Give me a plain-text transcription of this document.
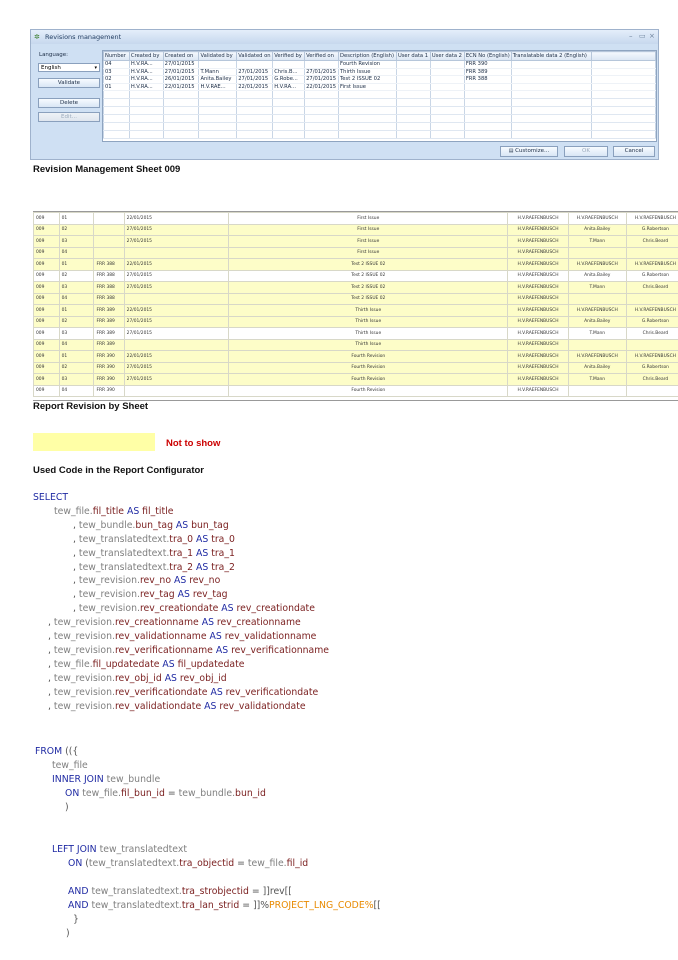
✲ Revisions management	– ▭ ×
Language:
English	▾
Validate
Delete
Edit...
Number	Created by	Created on	Validated by	Validated on	Verified by	Verified on	Description (English)	User data 1	User data 2	ECN No (English)	Translatable data 2 (English)	
04	H.V.RA...	27/01/2015					Fourth Revision			FRR 390		
03	H.V.RA...	27/01/2015	T.Mann	27/01/2015	Chris.B...	27/01/2015	Thirth Issue			FRR 389		
02	H.V.RA...	26/01/2015	Anita.Bailey	27/01/2015	G.Robe...	27/01/2015	Test 2 ISSUE 02			FRR 388		
01	H.V.RA...	22/01/2015	H.V.RAE...	22/01/2015	H.V.RA...	22/01/2015	First Issue					

▤ Customize...	OK	Cancel
Revision Management Sheet 009
009	01		22/01/2015	First Issue	H.V.RAEFENBUSCH	H.V.RAEFENBUSCH	H.V.RAEFENBUSCH
009	02		27/01/2015	First Issue	H.V.RAEFENBUSCH	Anita.Bailey	G.Robertson
009	03		27/01/2015	First Issue	H.V.RAEFENBUSCH	T.Mann	Chris.Beard
009	04			First Issue	H.V.RAEFENBUSCH		
009	01	FRR 388	22/01/2015	Test 2 ISSUE 02	H.V.RAEFENBUSCH	H.V.RAEFENBUSCH	H.V.RAEFENBUSCH
009	02	FRR 388	27/01/2015	Test 2 ISSUE 02	H.V.RAEFENBUSCH	Anita.Bailey	G.Robertson
009	03	FRR 388	27/01/2015	Test 2 ISSUE 02	H.V.RAEFENBUSCH	T.Mann	Chris.Beard
009	04	FRR 388		Test 2 ISSUE 02	H.V.RAEFENBUSCH		
009	01	FRR 389	22/01/2015	Thirth Issue	H.V.RAEFENBUSCH	H.V.RAEFENBUSCH	H.V.RAEFENBUSCH
009	02	FRR 389	27/01/2015	Thirth Issue	H.V.RAEFENBUSCH	Anita.Bailey	G.Robertson
009	03	FRR 389	27/01/2015	Thirth Issue	H.V.RAEFENBUSCH	T.Mann	Chris.Beard
009	04	FRR 389		Thirth Issue	H.V.RAEFENBUSCH		
009	01	FRR 390	22/01/2015	Fourth Revision	H.V.RAEFENBUSCH	H.V.RAEFENBUSCH	H.V.RAEFENBUSCH
009	02	FRR 390	27/01/2015	Fourth Revision	H.V.RAEFENBUSCH	Anita.Bailey	G.Robertson
009	03	FRR 390	27/01/2015	Fourth Revision	H.V.RAEFENBUSCH	T.Mann	Chris.Beard
009	04	FRR 390		Fourth Revision	H.V.RAEFENBUSCH		
Report Revision by Sheet
Not to show
Used Code in the Report Configurator
SELECT
tew_file.fil_title AS fil_title
, tew_bundle.bun_tag AS bun_tag
, tew_translatedtext.tra_0 AS tra_0
, tew_translatedtext.tra_1 AS tra_1
, tew_translatedtext.tra_2 AS tra_2
, tew_revision.rev_no AS rev_no
, tew_revision.rev_tag AS rev_tag
, tew_revision.rev_creationdate AS rev_creationdate
, tew_revision.rev_creationname AS rev_creationname
, tew_revision.rev_validationname AS rev_validationname
, tew_revision.rev_verificationname AS rev_verificationname
, tew_file.fil_updatedate AS fil_updatedate
, tew_revision.rev_obj_id AS rev_obj_id
, tew_revision.rev_verificationdate AS rev_verificationdate
, tew_revision.rev_validationdate AS rev_validationdate
FROM (({
tew_file
INNER JOIN tew_bundle
ON tew_file.fil_bun_id = tew_bundle.bun_id
)
LEFT JOIN tew_translatedtext
ON (tew_translatedtext.tra_objectid = tew_file.fil_id
AND tew_translatedtext.tra_strobjectid = ]]rev[[
AND tew_translatedtext.tra_lan_strid = ]]%PROJECT_LNG_CODE%[[
}
)
